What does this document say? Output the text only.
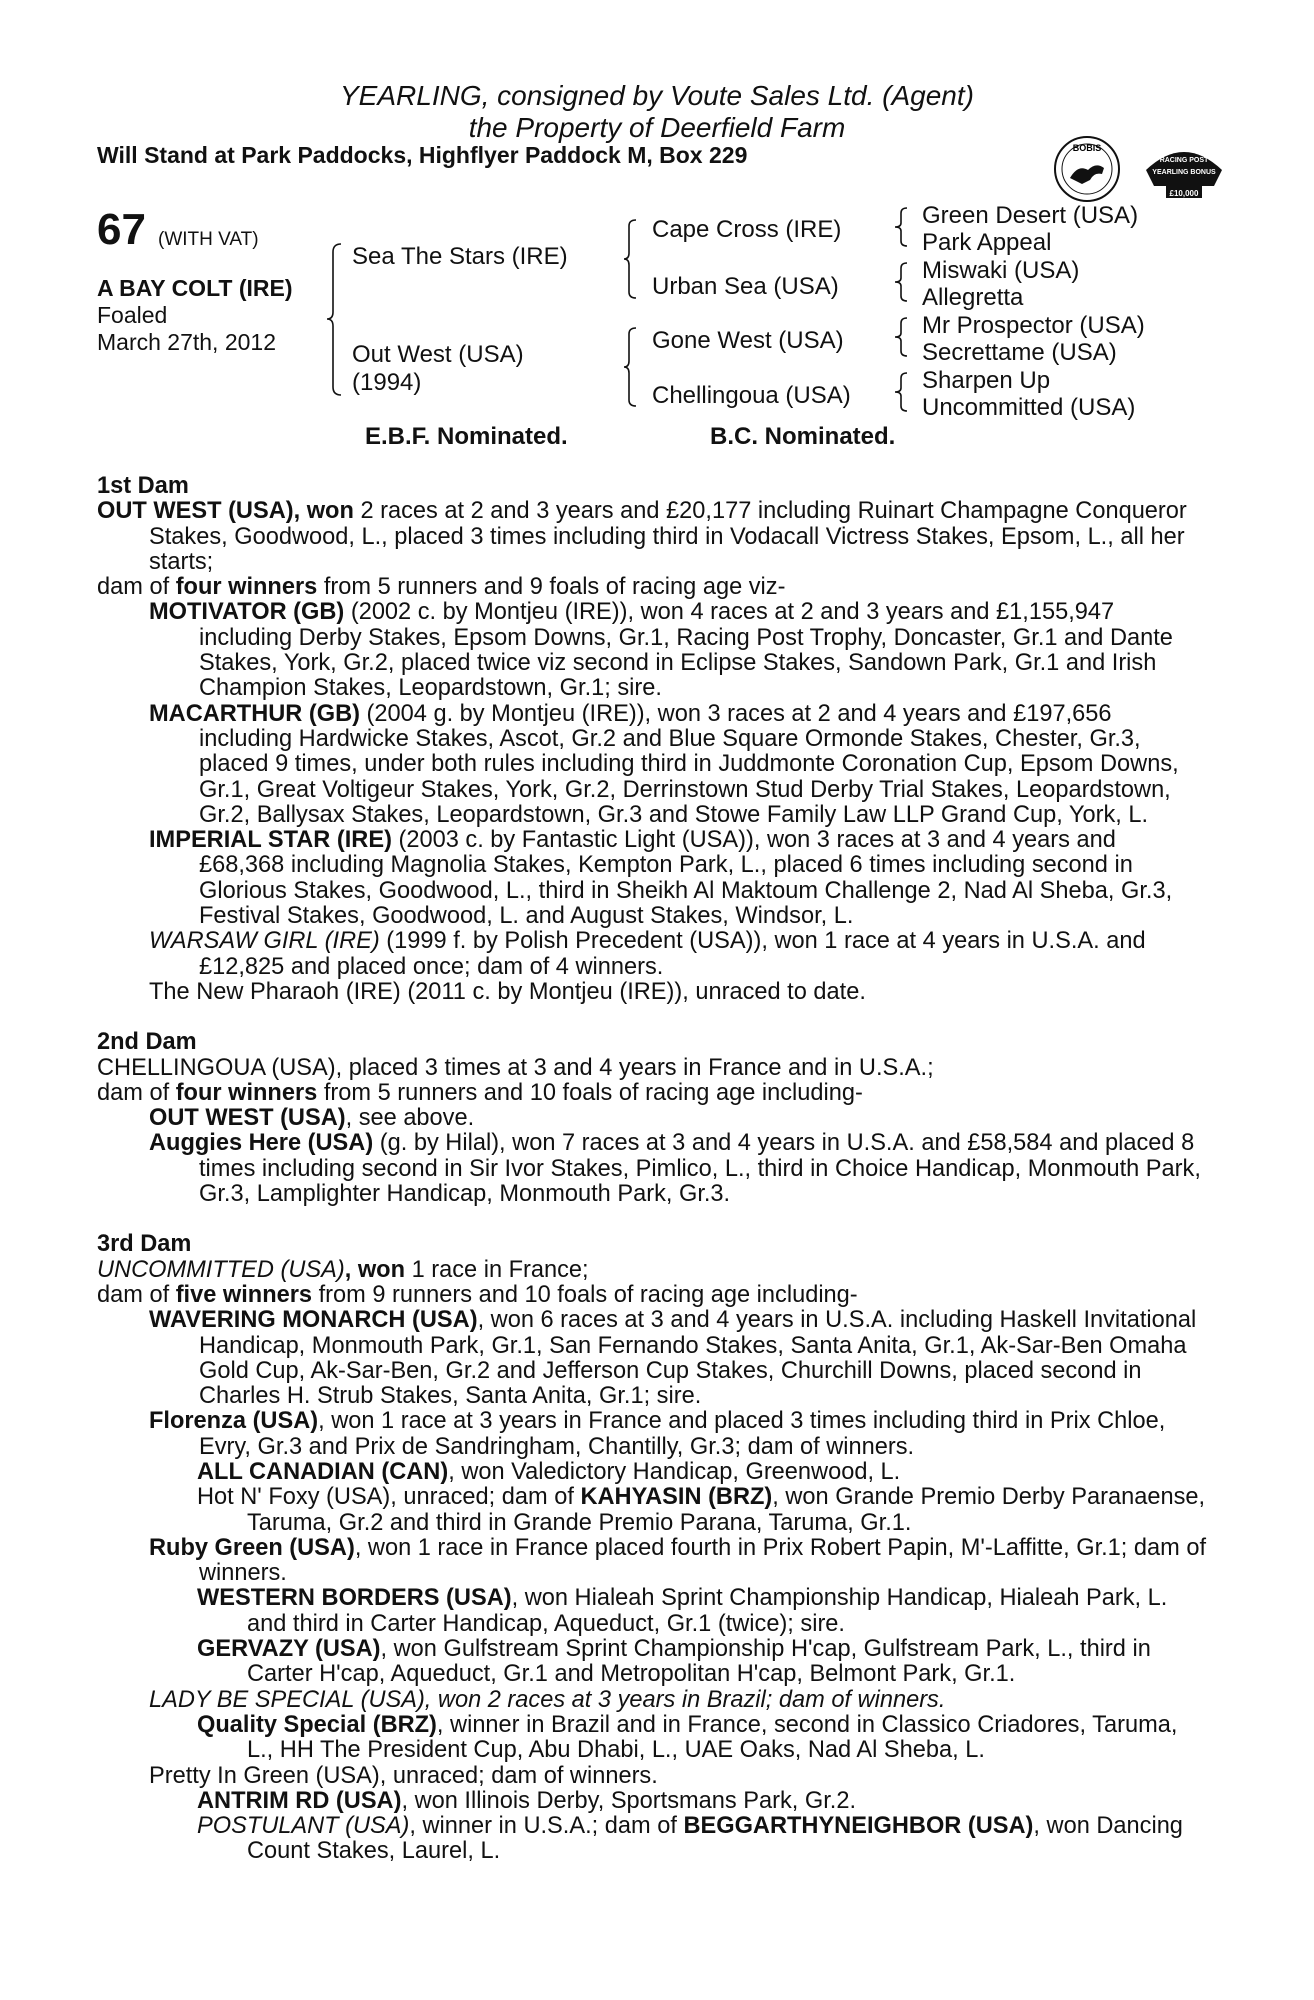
YEARLING, consigned by Voute Sales Ltd. (Agent)
the Property of Deerfield Farm
Will Stand at Park Paddocks, Highflyer Paddock M, Box 229	BOBIS
RACING POST
YEARLING BONUS
£10,000
67 (WITH VAT)
A BAY COLT (IRE)
Foaled
March 27th, 2012
Sea The Stars (IRE)
Out West (USA)
(1994)
Cape Cross (IRE)
Urban Sea (USA)
Gone West (USA)
Chellingoua (USA)
Green Desert (USA)
Park Appeal
Miswaki (USA)
Allegretta
Mr Prospector (USA)
Secrettame (USA)
Sharpen Up
Uncommitted (USA)
E.B.F. Nominated.	B.C. Nominated.

1st Dam

OUT WEST (USA), won 2 races at 2 and 3 years and £20,177 including Ruinart Champagne Conqueror Stakes, Goodwood, L., placed 3 times including third in Vodacall Victress Stakes, Epsom, L., all her starts;

dam of four winners from 5 runners and 9 foals of racing age viz-

MOTIVATOR (GB) (2002 c. by Montjeu (IRE)), won 4 races at 2 and 3 years and £1,155,947 including Derby Stakes, Epsom Downs, Gr.1, Racing Post Trophy, Doncaster, Gr.1 and Dante Stakes, York, Gr.2, placed twice viz second in Eclipse Stakes, Sandown Park, Gr.1 and Irish Champion Stakes, Leopardstown, Gr.1; sire.

MACARTHUR (GB) (2004 g. by Montjeu (IRE)), won 3 races at 2 and 4 years and £197,656 including Hardwicke Stakes, Ascot, Gr.2 and Blue Square Ormonde Stakes, Chester, Gr.3, placed 9 times, under both rules including third in Juddmonte Coronation Cup, Epsom Downs, Gr.1, Great Voltigeur Stakes, York, Gr.2, Derrinstown Stud Derby Trial Stakes, Leopardstown, Gr.2, Ballysax Stakes, Leopardstown, Gr.3 and Stowe Family Law LLP Grand Cup, York, L.

IMPERIAL STAR (IRE) (2003 c. by Fantastic Light (USA)), won 3 races at 3 and 4 years and £68,368 including Magnolia Stakes, Kempton Park, L., placed 6 times including second in Glorious Stakes, Goodwood, L., third in Sheikh Al Maktoum Challenge 2, Nad Al Sheba, Gr.3, Festival Stakes, Goodwood, L. and August Stakes, Windsor, L.

WARSAW GIRL (IRE) (1999 f. by Polish Precedent (USA)), won 1 race at 4 years in U.S.A. and £12,825 and placed once; dam of 4 winners.

The New Pharaoh (IRE) (2011 c. by Montjeu (IRE)), unraced to date.

2nd Dam

CHELLINGOUA (USA), placed 3 times at 3 and 4 years in France and in U.S.A.;

dam of four winners from 5 runners and 10 foals of racing age including-

OUT WEST (USA), see above.

Auggies Here (USA) (g. by Hilal), won 7 races at 3 and 4 years in U.S.A. and £58,584 and placed 8 times including second in Sir Ivor Stakes, Pimlico, L., third in Choice Handicap, Monmouth Park, Gr.3, Lamplighter Handicap, Monmouth Park, Gr.3.

3rd Dam

UNCOMMITTED (USA), won 1 race in France;

dam of five winners from 9 runners and 10 foals of racing age including-

WAVERING MONARCH (USA), won 6 races at 3 and 4 years in U.S.A. including Haskell Invitational Handicap, Monmouth Park, Gr.1, San Fernando Stakes, Santa Anita, Gr.1, Ak-Sar-Ben Omaha Gold Cup, Ak-Sar-Ben, Gr.2 and Jefferson Cup Stakes, Churchill Downs, placed second in Charles H. Strub Stakes, Santa Anita, Gr.1; sire.

Florenza (USA), won 1 race at 3 years in France and placed 3 times including third in Prix Chloe, Evry, Gr.3 and Prix de Sandringham, Chantilly, Gr.3; dam of winners.

ALL CANADIAN (CAN), won Valedictory Handicap, Greenwood, L.

Hot N' Foxy (USA), unraced; dam of KAHYASIN (BRZ), won Grande Premio Derby Paranaense, Taruma, Gr.2 and third in Grande Premio Parana, Taruma, Gr.1.

Ruby Green (USA), won 1 race in France placed fourth in Prix Robert Papin, M'-Laffitte, Gr.1; dam of winners.

WESTERN BORDERS (USA), won Hialeah Sprint Championship Handicap, Hialeah Park, L. and third in Carter Handicap, Aqueduct, Gr.1 (twice); sire.

GERVAZY (USA), won Gulfstream Sprint Championship H'cap, Gulfstream Park, L., third in Carter H'cap, Aqueduct, Gr.1 and Metropolitan H'cap, Belmont Park, Gr.1.

LADY BE SPECIAL (USA), won 2 races at 3 years in Brazil; dam of winners.

Quality Special (BRZ), winner in Brazil and in France, second in Classico Criadores, Taruma, L., HH The President Cup, Abu Dhabi, L., UAE Oaks, Nad Al Sheba, L.

Pretty In Green (USA), unraced; dam of winners.

ANTRIM RD (USA), won Illinois Derby, Sportsmans Park, Gr.2.

POSTULANT (USA), winner in U.S.A.; dam of BEGGARTHYNEIGHBOR (USA), won Dancing Count Stakes, Laurel, L.
